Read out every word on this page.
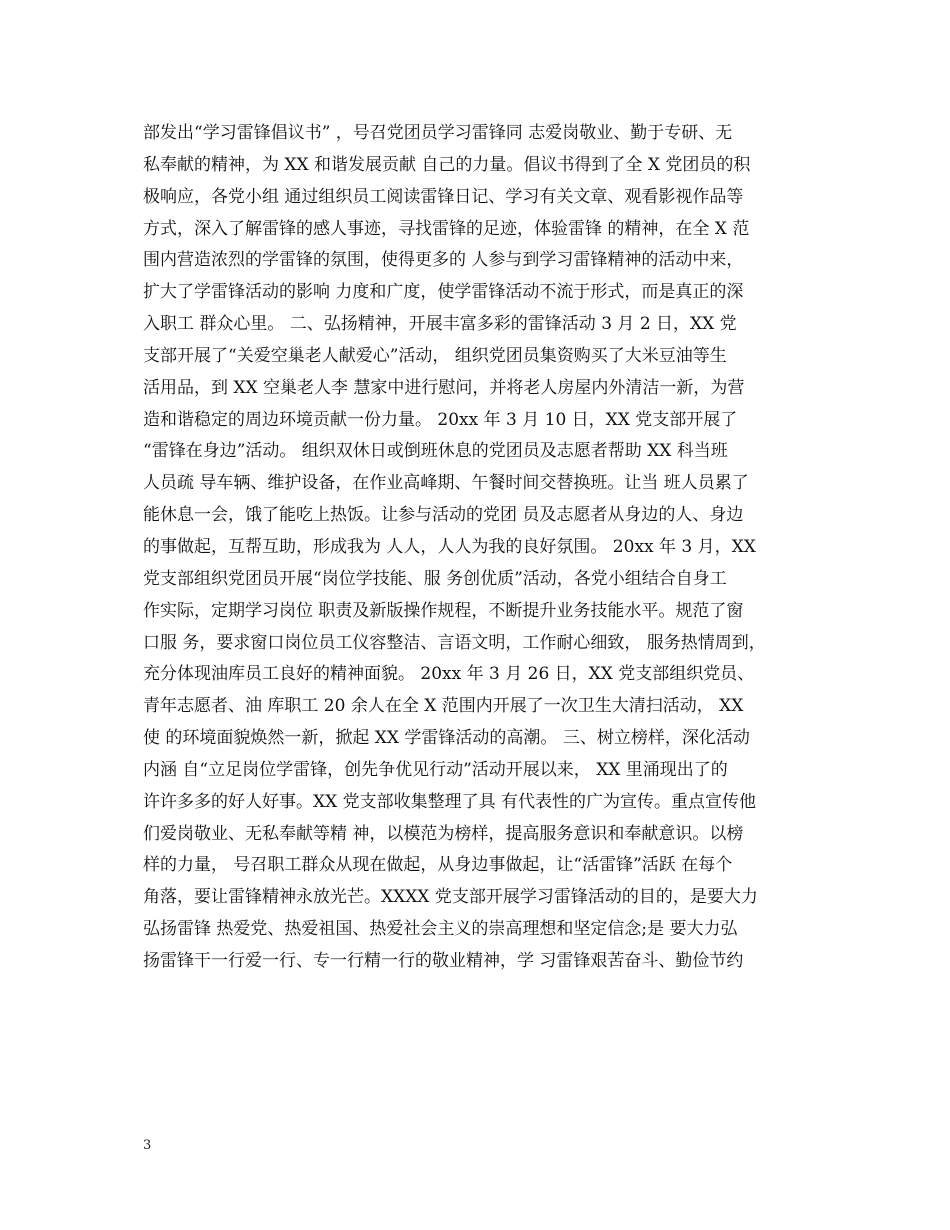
部发出“学习雷锋倡议书” ，号召党团员学习雷锋同 志爱岗敬业、勤于专研、无
私奉献的精神，为 XX 和谐发展贡献 自己的力量。倡议书得到了全 X 党团员的积
极响应，各党小组 通过组织员工阅读雷锋日记、学习有关文章、观看影视作品等
方式，深入了解雷锋的感人事迹，寻找雷锋的足迹，体验雷锋 的精神，在全 X 范
围内营造浓烈的学雷锋的氛围，使得更多的 人参与到学习雷锋精神的活动中来，
扩大了学雷锋活动的影响 力度和广度，使学雷锋活动不流于形式，而是真正的深
入职工 群众心里。 二、弘扬精神，开展丰富多彩的雷锋活动 3 月 2 日，XX 党
支部开展了“关爱空巢老人献爱心”活动， 组织党团员集资购买了大米豆油等生
活用品，到 XX 空巢老人李 慧家中进行慰问，并将老人房屋内外清洁一新，为营
造和谐稳定的周边环境贡献一份力量。 20xx 年 3 月 10 日，XX 党支部开展了
“雷锋在身边”活动。 组织双休日或倒班休息的党团员及志愿者帮助 XX 科当班
人员疏 导车辆、维护设备，在作业高峰期、午餐时间交替换班。让当 班人员累了
能休息一会，饿了能吃上热饭。让参与活动的党团 员及志愿者从身边的人、身边
的事做起，互帮互助，形成我为 人人，人人为我的良好氛围。 20xx 年 3 月，XX
党支部组织党团员开展“岗位学技能、服 务创优质”活动，各党小组结合自身工
作实际，定期学习岗位 职责及新版操作规程，不断提升业务技能水平。规范了窗
口服 务，要求窗口岗位员工仪容整洁、言语文明，工作耐心细致， 服务热情周到，
充分体现油库员工良好的精神面貌。 20xx 年 3 月 26 日，XX 党支部组织党员、
青年志愿者、油 库职工 20 余人在全 X 范围内开展了一次卫生大清扫活动， XX
使 的环境面貌焕然一新，掀起 XX 学雷锋活动的高潮。 三、树立榜样，深化活动
内涵 自“立足岗位学雷锋，创先争优见行动”活动开展以来， XX 里涌现出了的
许许多多的好人好事。XX 党支部收集整理了具 有代表性的广为宣传。重点宣传他
们爱岗敬业、无私奉献等精 神，以模范为榜样，提高服务意识和奉献意识。以榜
样的力量， 号召职工群众从现在做起，从身边事做起，让“活雷锋”活跃 在每个
角落，要让雷锋精神永放光芒。XXXX 党支部开展学习雷锋活动的目的，是要大力
弘扬雷锋 热爱党、热爱祖国、热爱社会主义的崇高理想和坚定信念;是 要大力弘
扬雷锋干一行爱一行、专一行精一行的敬业精神，学 习雷锋艰苦奋斗、勤俭节约
3
